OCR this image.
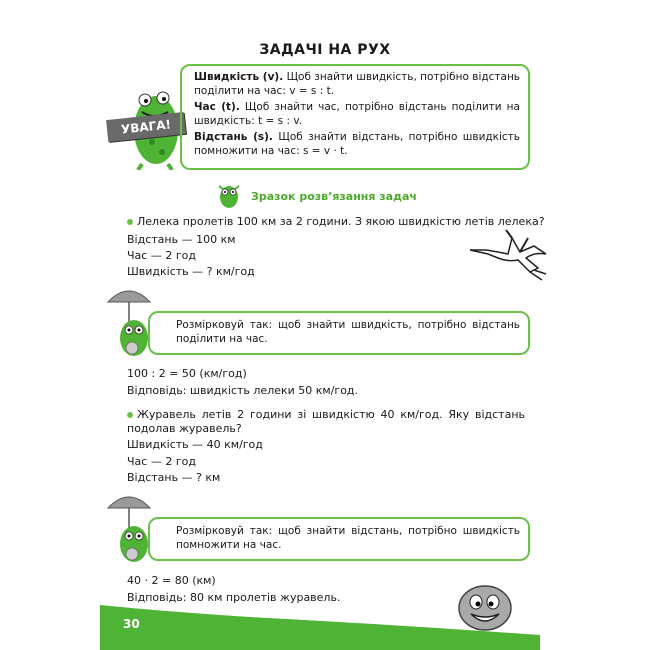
ЗАДАЧІ НА РУХ
УВАГА!

Швидкість (v). Щоб знайти швидкість, потрібно відстань поділити на час: v = s : t.

Час (t). Щоб знайти час, потрібно відстань поділити на швидкість: t = s : v.

Відстань (s). Щоб знайти відстань, потрібно швидкість помножити на час: s = v · t.

Зразок розв’язання задач
Лелека пролетів 100 км за 2 години. З якою швидкістю летів лелека?
Відстань — 100 км
Час — 2 год
Швидкість — ? км/год
Розмірковуй так: щоб знайти швидкість, потрібно відстань поділити на час.
100 : 2 = 50 (км/год)
Відповідь: швидкість лелеки 50 км/год.
Журавель летів 2 години зі швидкістю 40 км/год. Яку відстань подолав журавель?
Швидкість — 40 км/год
Час — 2 год
Відстань — ? км
Розмірковуй так: щоб знайти відстань, потрібно швидкість помножити на час.
40 · 2 = 80 (км)
Відповідь: 80 км пролетів журавель.
30
